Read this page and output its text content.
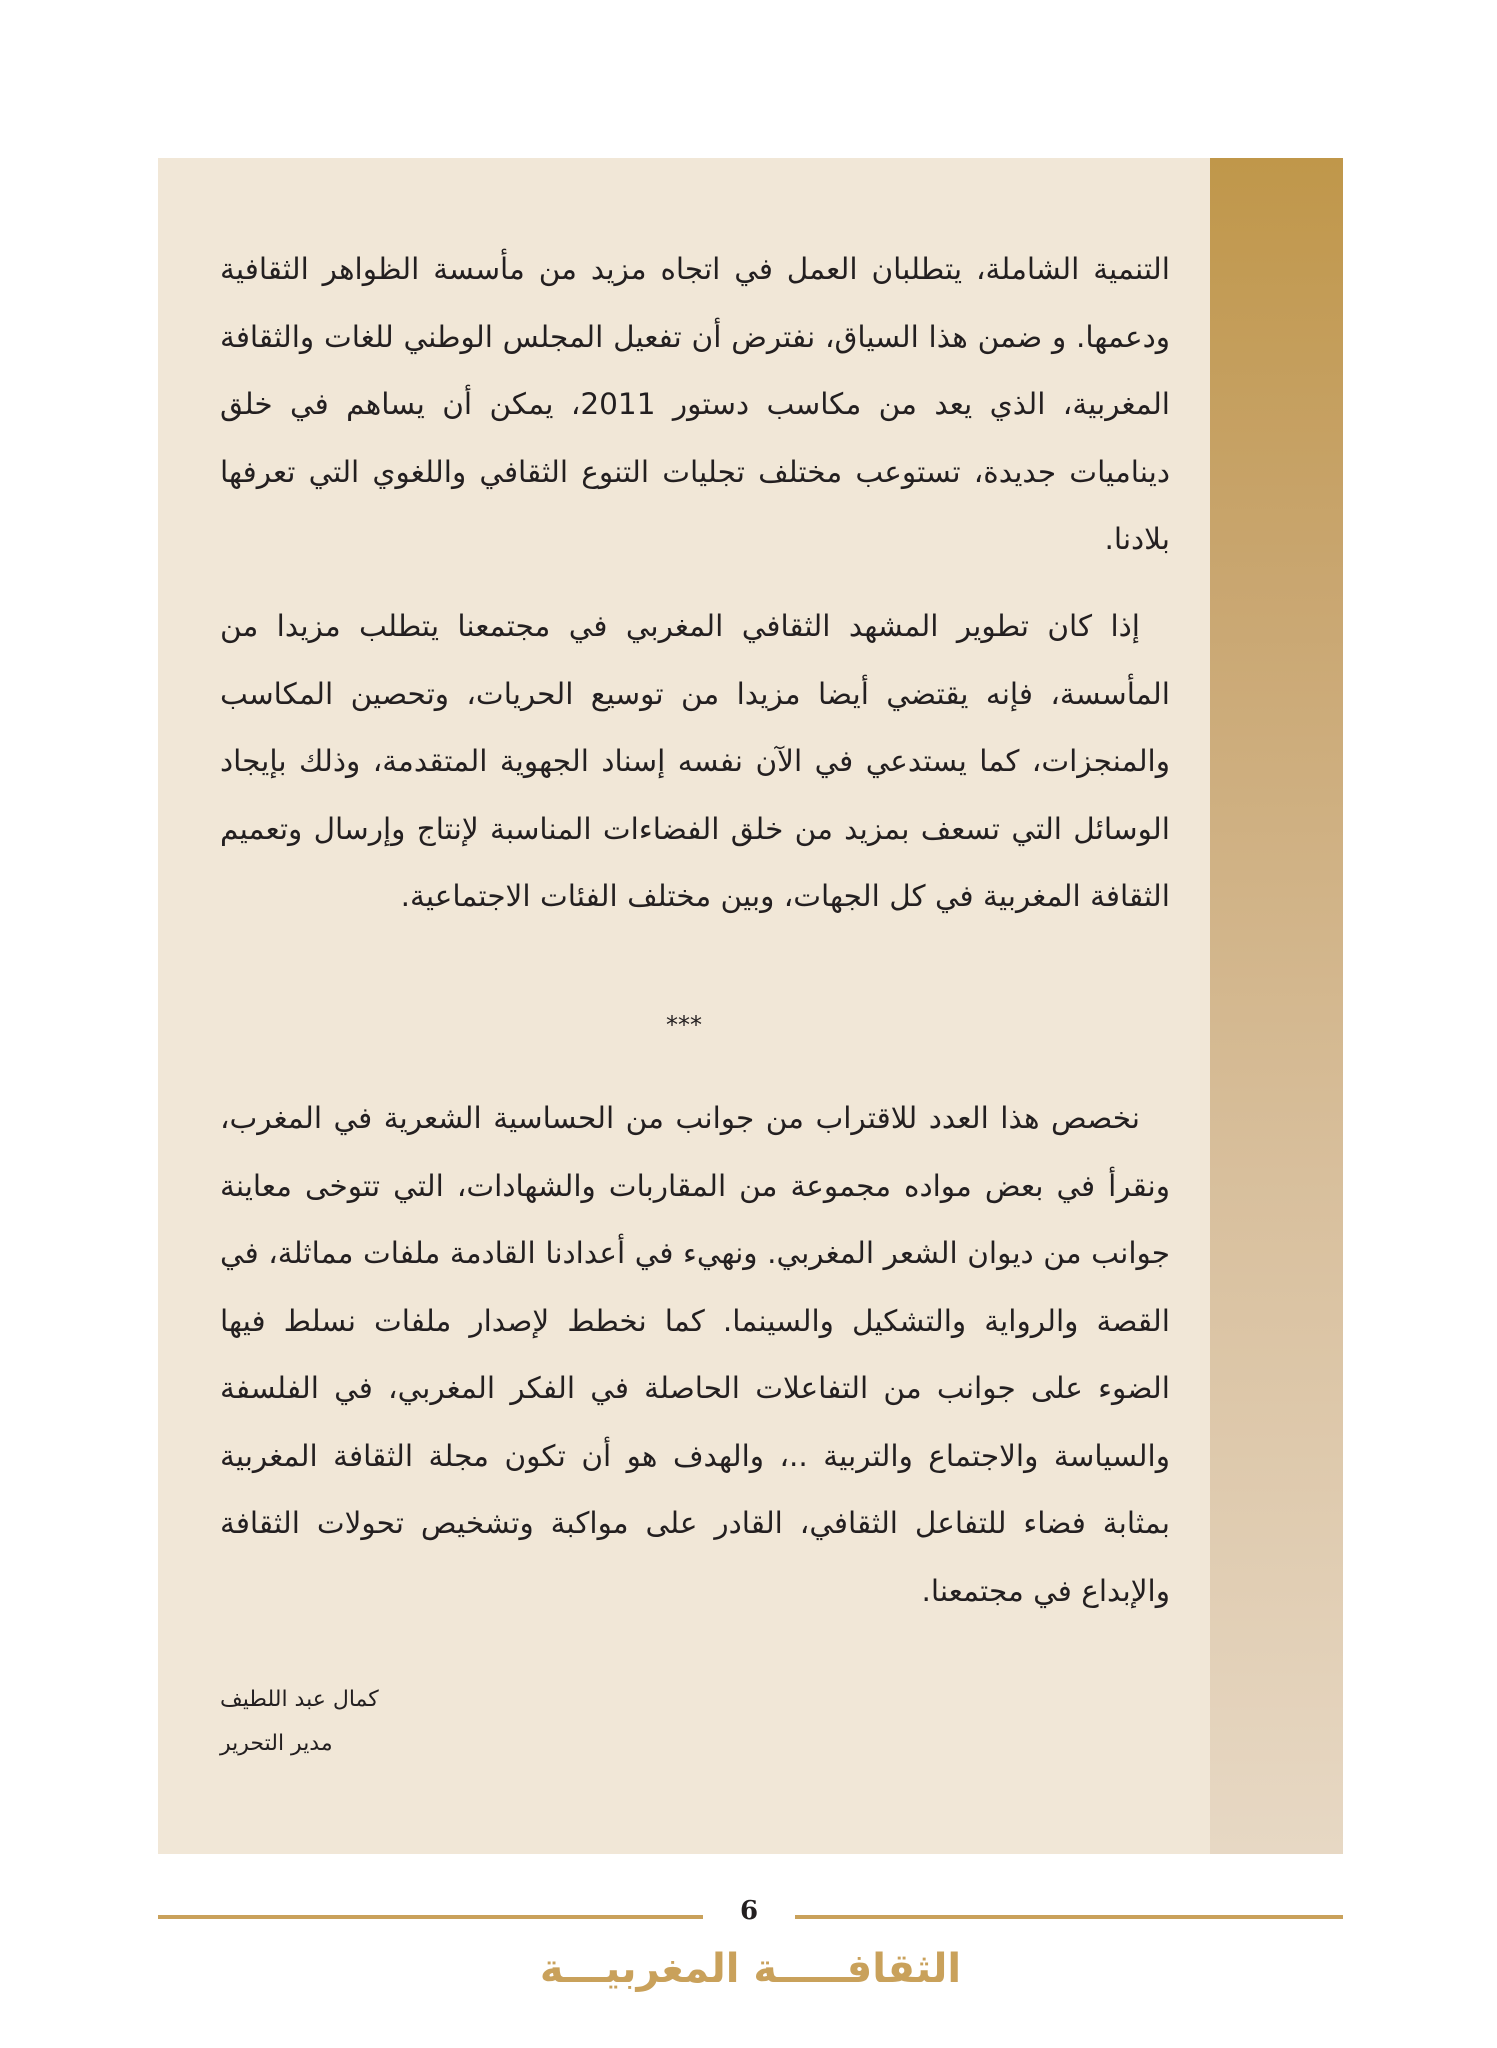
التنمية الشاملة، يتطلبان العمل في اتجاه مزيد من مأسسة الظواهر الثقافية ودعمها. و ضمن هذا السياق، نفترض أن تفعيل المجلس الوطني للغات والثقافة المغربية، الذي يعد من مكاسب دستور 2011، يمكن أن يساهم في خلق ديناميات جديدة، تستوعب مختلف تجليات التنوع الثقافي واللغوي التي تعرفها بلادنا.

إذا كان تطوير المشهد الثقافي المغربي في مجتمعنا يتطلب مزيدا من المأسسة، فإنه يقتضي أيضا مزيدا من توسيع الحريات، وتحصين المكاسب والمنجزات، كما يستدعي في الآن نفسه إسناد الجهوية المتقدمة، وذلك بإيجاد الوسائل التي تسعف بمزيد من خلق الفضاءات المناسبة لإنتاج وإرسال وتعميم الثقافة المغربية في كل الجهات، وبين مختلف الفئات الاجتماعية.

***

نخصص هذا العدد للاقتراب من جوانب من الحساسية الشعرية في المغرب، ونقرأ في بعض مواده مجموعة من المقاربات والشهادات، التي تتوخى معاينة جوانب من ديوان الشعر المغربي. ونهيء في أعدادنا القادمة ملفات مماثلة، في القصة والرواية والتشكيل والسينما. كما نخطط لإصدار ملفات نسلط فيها الضوء على جوانب من التفاعلات الحاصلة في الفكر المغربي، في الفلسفة والسياسة والاجتماع والتربية ..، والهدف هو أن تكون مجلة الثقافة المغربية بمثابة فضاء للتفاعل الثقافي، القادر على مواكبة وتشخيص تحولات الثقافة والإبداع في مجتمعنا.

كمال عبد اللطيف
مدير التحرير
6
الثقافـــــة المغربيـــة
